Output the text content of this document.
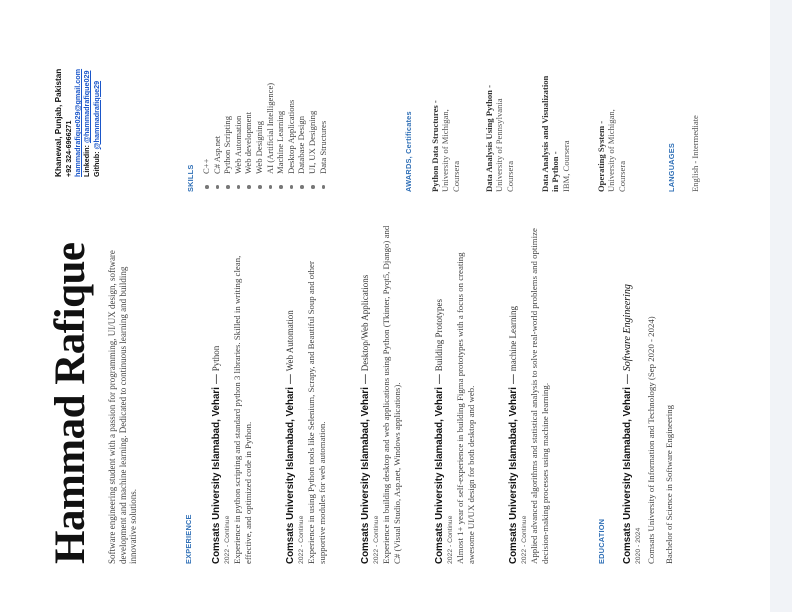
Hammad Rafique Software engineering student with a passion for programming, UI/UX design, software development and machine learning. Dedicated to continuous learning and building innovative solutions.
Khanewal, Punjab, Pakistan +92 324-6966271 hammadrafique029@gmail.com Linkedin: @hammadrafique029
Github: @hammadrafique29
EXPERIENCE Comsats University Islamabad, Vehari—Python
2022 - Continue Experience in python scripting and standard python 3 libraries. Skilled in writing clean, effective, and optimized code in Python.	Comsats University Islamabad, Vehari—Web Automation
2022 - Continue Experience in using Python tools like Selenium, Scrapy, and Beautiful Soup and other supportive modules for web automation.	Comsats University Islamabad, Vehari—Desktop/Web Applications
2022 - Continue Experience in building desktop and web applications using Python (Tkinter, Pyqt5, Django) and C# (Visual Studio, Asp.net, Windows applications).	Comsats University Islamabad, Vehari—Building Prototypes
2022 - Continue Almost 1+ year of self-experience in building Figma prototypes with a focus on creating awesome UI/UX design for both desktop and web.	Comsats University Islamabad, Vehari—machine Learning
2022 - Continue Applied advanced algorithms and statistical analysis to solve real-world problems and optimize decision-making processes using machine learning.	EDUCATION Comsats University Islamabad, Vehari—Software Engineering
2020 - 2024 Comsats University of Information and Technology (Sep 2020 - 2024) Bachelor of Science in Software Engineering
SKILLS C++ C# Asp.net Python Scripting Web Automation Web development Web Designing AI (Artificial Intelligence) Machine Learning Desktop Applications Database Design UI, UX Designing Data Structures	AWARDS, Certificates Python Data Structures - University of Michigan, Coursera	Data Analysis Using Python - University of Pennsylvania Coursera	Data Analysis and Visualization in Python - IBM, Coursera	Operating System - University of Michigan, Coursera	LANGUAGES English - Intermediate
